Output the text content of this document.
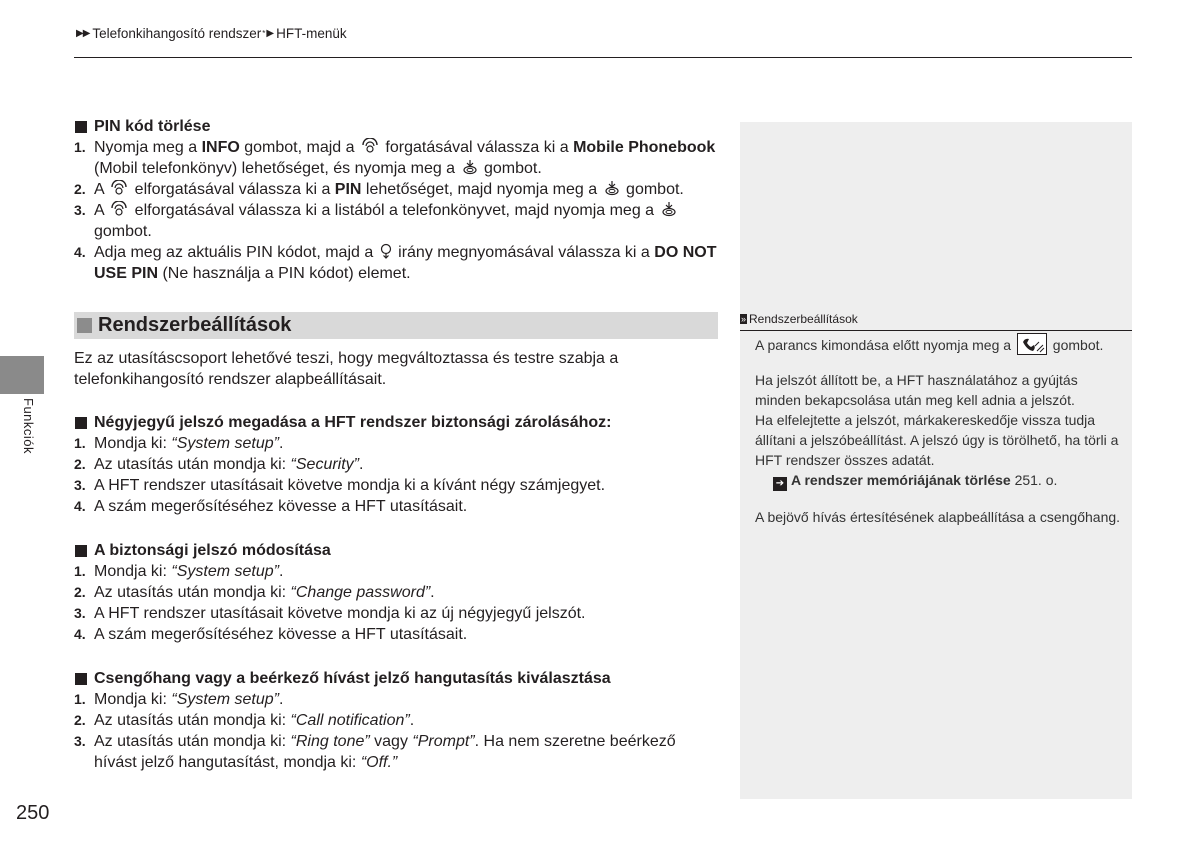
▶▶ Telefonkihangosító rendszer * ▶ HFT-menük
PIN kód törlése
1. Nyomja meg a INFO gombot, majd a  forgatásával válassza ki a Mobile Phonebook (Mobil telefonkönyv) lehetőséget, és nyomja meg a  gombot.
2. A  elforgatásával válassza ki a PIN lehetőséget, majd nyomja meg a  gombot.
3. A  elforgatásával válassza ki a listából a telefonkönyvet, majd nyomja meg a  gombot.
4. Adja meg az aktuális PIN kódot, majd a  irány megnyomásával válassza ki a DO NOT USE PIN (Ne használja a PIN kódot) elemet.
Rendszerbeállítások
Ez az utasításcsoport lehetővé teszi, hogy megváltoztassa és testre szabja a telefonkihangosító rendszer alapbeállításait.
Négyjegyű jelszó megadása a HFT rendszer biztonsági zárolásához:
1. Mondja ki: “System setup”.
2. Az utasítás után mondja ki: “Security”.
3. A HFT rendszer utasításait követve mondja ki a kívánt négy számjegyet.
4. A szám megerősítéséhez kövesse a HFT utasításait.
A biztonsági jelszó módosítása
1. Mondja ki: “System setup”.
2. Az utasítás után mondja ki: “Change password”.
3. A HFT rendszer utasításait követve mondja ki az új négyjegyű jelszót.
4. A szám megerősítéséhez kövesse a HFT utasításait.
Csengőhang vagy a beérkező hívást jelző hangutasítás kiválasztása
1. Mondja ki: “System setup”.
2. Az utasítás után mondja ki: “Call notification”.
3. Az utasítás után mondja ki: “Ring tone” vagy “Prompt”. Ha nem szeretne beérkező hívást jelző hangutasítást, mondja ki: “Off.”
Funkciók
250
» Rendszerbeállítások
A parancs kimondása előtt nyomja meg a  gombot.
Ha jelszót állított be, a HFT használatához a gyújtás minden bekapcsolása után meg kell adnia a jelszót.
Ha elfelejtette a jelszót, márkakereskedője vissza tudja állítani a jelszóbeállítást. A jelszó úgy is törölhető, ha törli a HFT rendszer összes adatát.
➔ A rendszer memóriájának törlése 251. o.
A bejövő hívás értesítésének alapbeállítása a csengőhang.
